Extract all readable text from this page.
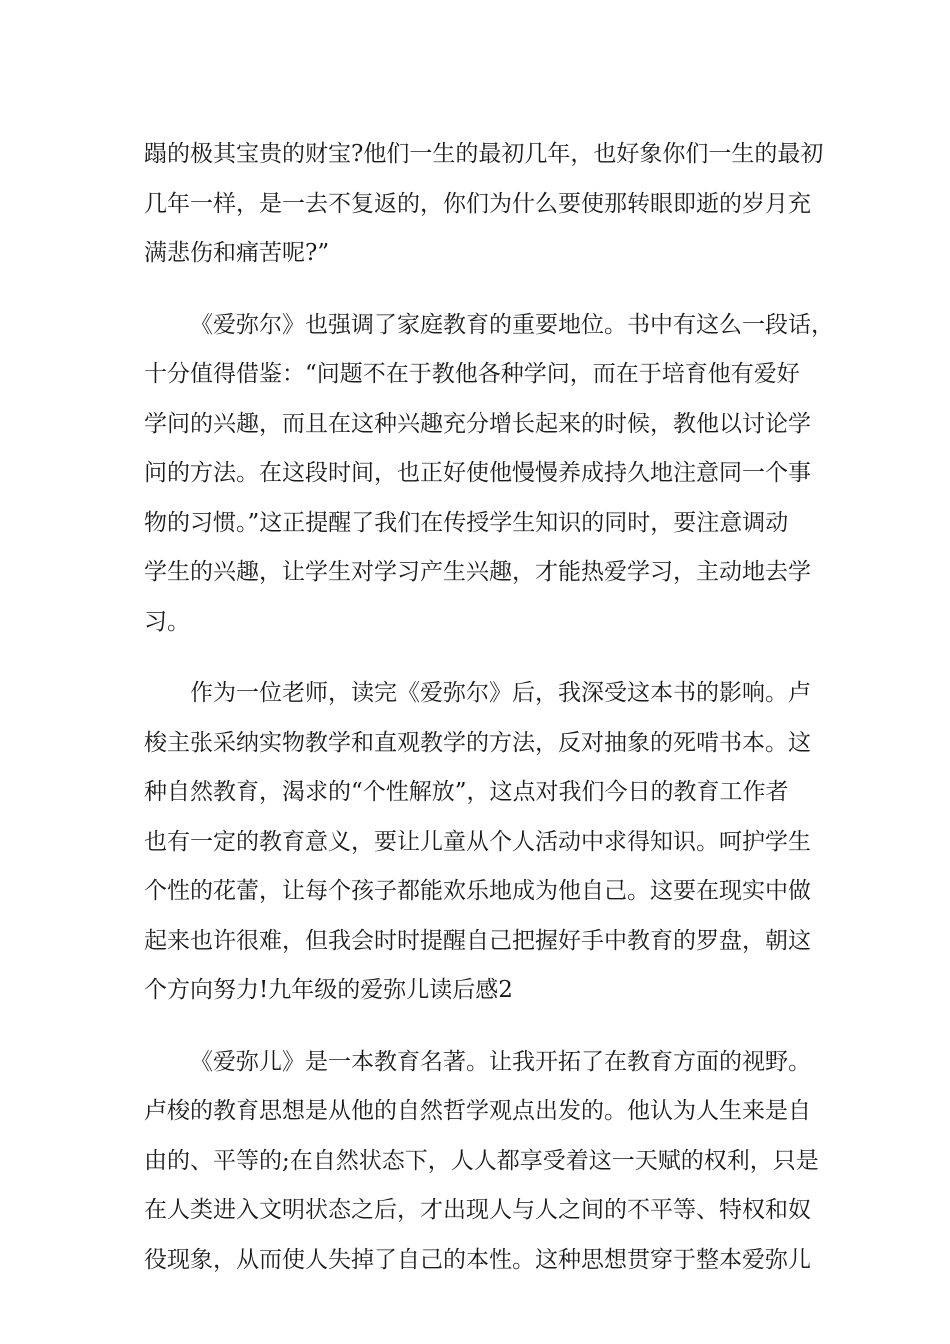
蹋的极其宝贵的财宝?他们一生的最初几年，也好象你们一生的最初
几年一样，是一去不复返的，你们为什么要使那转眼即逝的岁月充
满悲伤和痛苦呢?”
《爱弥尔》也强调了家庭教育的重要地位。书中有这么一段话，
十分值得借鉴：“问题不在于教他各种学问，而在于培育他有爱好
学问的兴趣，而且在这种兴趣充分增长起来的时候，教他以讨论学
问的方法。在这段时间，也正好使他慢慢养成持久地注意同一个事
物的习惯。”这正提醒了我们在传授学生知识的同时，要注意调动
学生的兴趣，让学生对学习产生兴趣，才能热爱学习，主动地去学
习。
作为一位老师，读完《爱弥尔》后，我深受这本书的影响。卢
梭主张采纳实物教学和直观教学的方法，反对抽象的死啃书本。这
种自然教育，渴求的“个性解放”，这点对我们今日的教育工作者
也有一定的教育意义，要让儿童从个人活动中求得知识。呵护学生
个性的花蕾，让每个孩子都能欢乐地成为他自己。这要在现实中做
起来也许很难，但我会时时提醒自己把握好手中教育的罗盘，朝这
个方向努力!九年级的爱弥儿读后感2
《爱弥儿》是一本教育名著。让我开拓了在教育方面的视野。
卢梭的教育思想是从他的自然哲学观点出发的。他认为人生来是自
由的、平等的;在自然状态下，人人都享受着这一天赋的权利，只是
在人类进入文明状态之后，才出现人与人之间的不平等、特权和奴
役现象，从而使人失掉了自己的本性。这种思想贯穿于整本爱弥儿
